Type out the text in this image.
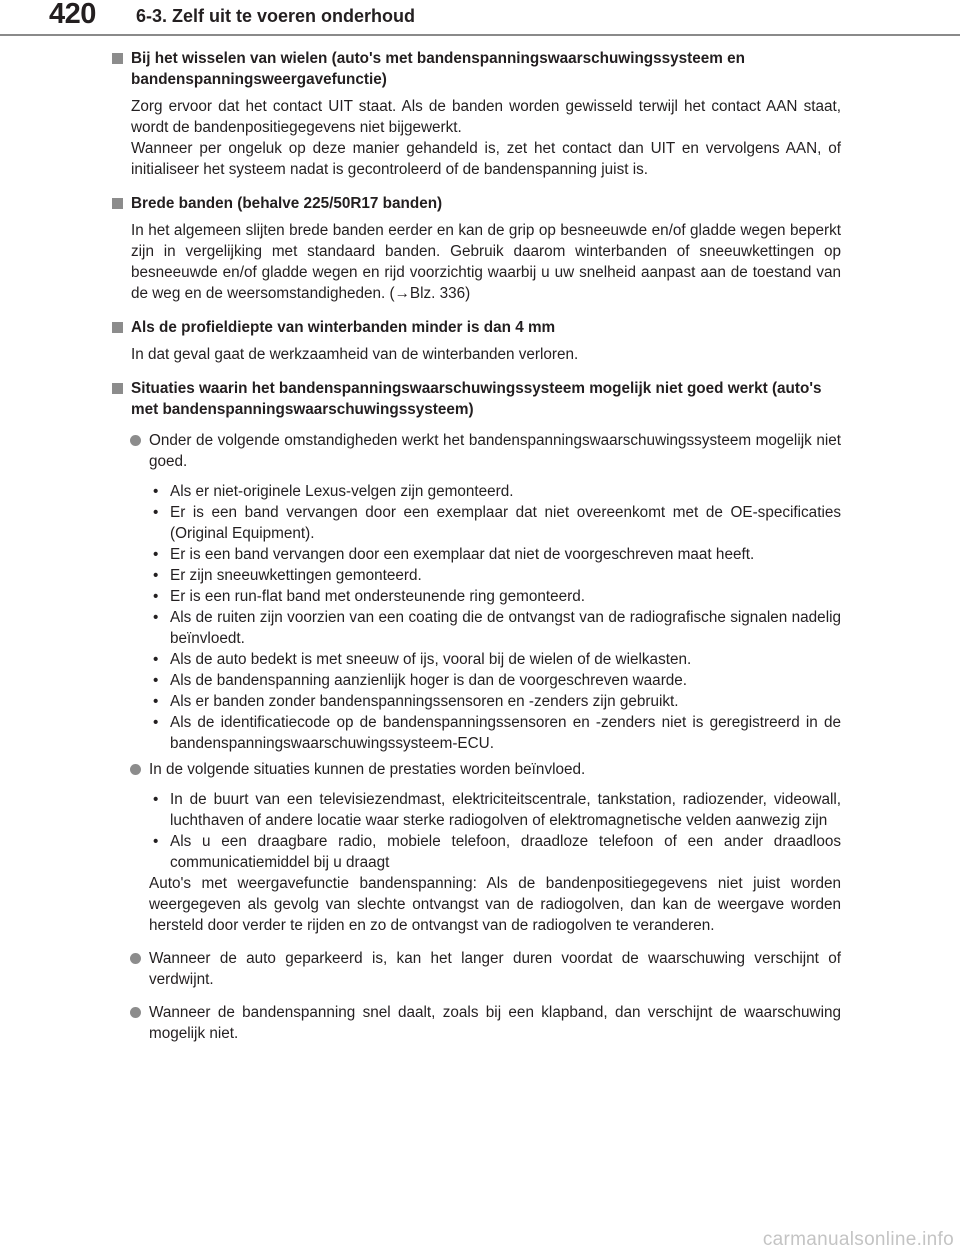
420 6-3. Zelf uit te voeren onderhoud
Bij het wisselen van wielen (auto's met bandenspanningswaarschuwingssysteem en bandenspanningsweergavefunctie)

Zorg ervoor dat het contact UIT staat. Als de banden worden gewisseld terwijl het contact AAN staat, wordt de bandenpositiegegevens niet bijgewerkt.

Wanneer per ongeluk op deze manier gehandeld is, zet het contact dan UIT en vervolgens AAN, of initialiseer het systeem nadat is gecontroleerd of de bandenspanning juist is.

Brede banden (behalve 225/50R17 banden)

In het algemeen slijten brede banden eerder en kan de grip op besneeuwde en/of gladde wegen beperkt zijn in vergelijking met standaard banden. Gebruik daarom winterbanden of sneeuwkettingen op besneeuwde en/of gladde wegen en rijd voorzichtig waarbij u uw snelheid aanpast aan de toestand van de weg en de weersomstandigheden. (→Blz. 336)

Als de profieldiepte van winterbanden minder is dan 4 mm

In dat geval gaat de werkzaamheid van de winterbanden verloren.

Situaties waarin het bandenspanningswaarschuwingssysteem mogelijk niet goed werkt (auto's met bandenspanningswaarschuwingssysteem)
Onder de volgende omstandigheden werkt het bandenspanningswaarschuwingssysteem mogelijk niet goed.
• Als er niet-originele Lexus-velgen zijn gemonteerd.
• Er is een band vervangen door een exemplaar dat niet overeenkomt met de OE-specificaties (Original Equipment).
• Er is een band vervangen door een exemplaar dat niet de voorgeschreven maat heeft.
• Er zijn sneeuwkettingen gemonteerd.
• Er is een run-flat band met ondersteunende ring gemonteerd.
• Als de ruiten zijn voorzien van een coating die de ontvangst van de radiografische signalen nadelig beïnvloedt.
• Als de auto bedekt is met sneeuw of ijs, vooral bij de wielen of de wielkasten.
• Als de bandenspanning aanzienlijk hoger is dan de voorgeschreven waarde.
• Als er banden zonder bandenspanningssensoren en -zenders zijn gebruikt.
• Als de identificatiecode op de bandenspanningssensoren en -zenders niet is geregistreerd in de bandenspanningswaarschuwingssysteem-ECU.
In de volgende situaties kunnen de prestaties worden beïnvloed.
• In de buurt van een televisiezendmast, elektriciteitscentrale, tankstation, radiozender, videowall, luchthaven of andere locatie waar sterke radiogolven of elektromagnetische velden aanwezig zijn
• Als u een draagbare radio, mobiele telefoon, draadloze telefoon of een ander draadloos communicatiemiddel bij u draagt

Auto's met weergavefunctie bandenspanning: Als de bandenpositiegegevens niet juist worden weergegeven als gevolg van slechte ontvangst van de radiogolven, dan kan de weergave worden hersteld door verder te rijden en zo de ontvangst van de radiogolven te veranderen.

Wanneer de auto geparkeerd is, kan het langer duren voordat de waarschuwing verschijnt of verdwijnt.
Wanneer de bandenspanning snel daalt, zoals bij een klapband, dan verschijnt de waarschuwing mogelijk niet.
carmanualsonline.info
